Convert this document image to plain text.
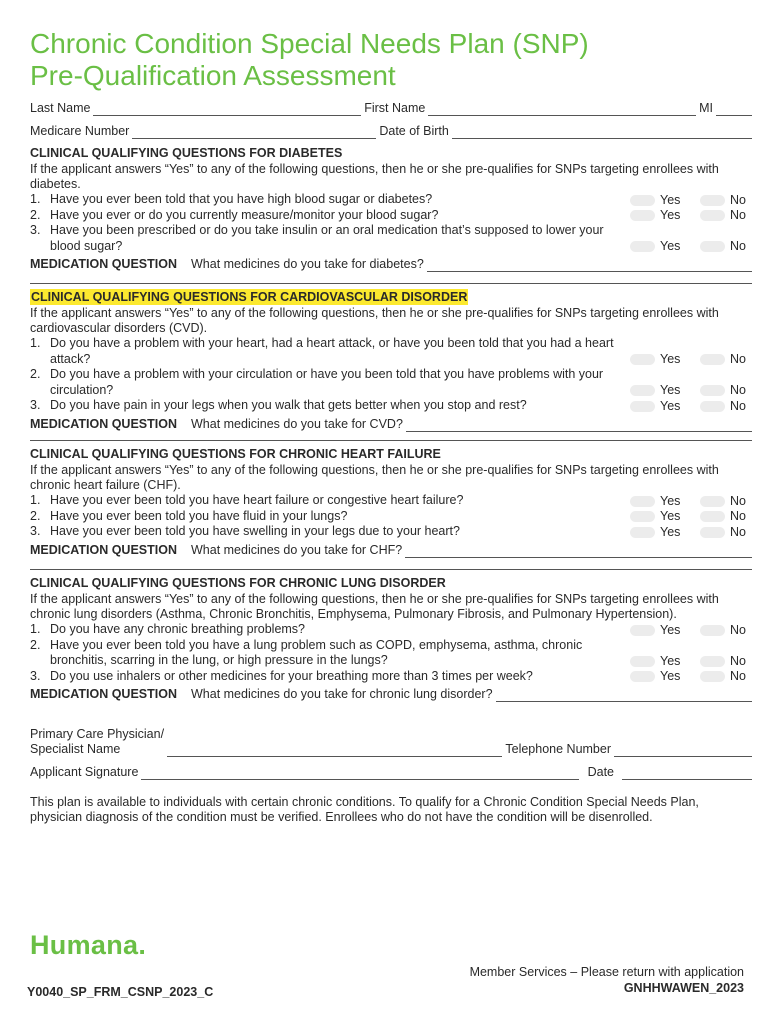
Chronic Condition Special Needs Plan (SNP)
Pre-Qualification Assessment
Last Name	First Name	MI
Medicare Number	Date of Birth
CLINICAL QUALIFYING QUESTIONS FOR DIABETES
If the applicant answers “Yes” to any of the following questions, then he or she pre-qualifies for SNPs targeting enrollees with diabetes.
1. Have you ever been told that you have high blood sugar or diabetes?	Yes	No
2. Have you ever or do you currently measure/monitor your blood sugar?	Yes	No
3. Have you been prescribed or do you take insulin or an oral medication that’s supposed to lower your blood sugar?	Yes	No
MEDICATION QUESTION What medicines do you take for diabetes?
CLINICAL QUALIFYING QUESTIONS FOR CARDIOVASCULAR DISORDER
If the applicant answers “Yes” to any of the following questions, then he or she pre-qualifies for SNPs targeting enrollees with cardiovascular disorders (CVD).
1. Do you have a problem with your heart, had a heart attack, or have you been told that you had a heart attack?	Yes	No
2. Do you have a problem with your circulation or have you been told that you have problems with your circulation?	Yes	No
3. Do you have pain in your legs when you walk that gets better when you stop and rest?	Yes	No
MEDICATION QUESTION What medicines do you take for CVD?
CLINICAL QUALIFYING QUESTIONS FOR CHRONIC HEART FAILURE
If the applicant answers “Yes” to any of the following questions, then he or she pre-qualifies for SNPs targeting enrollees with chronic heart failure (CHF).
1. Have you ever been told you have heart failure or congestive heart failure?	Yes	No
2. Have you ever been told you have fluid in your lungs?	Yes	No
3. Have you ever been told you have swelling in your legs due to your heart?	Yes	No
MEDICATION QUESTION What medicines do you take for CHF?
CLINICAL QUALIFYING QUESTIONS FOR CHRONIC LUNG DISORDER
If the applicant answers “Yes” to any of the following questions, then he or she pre-qualifies for SNPs targeting enrollees with chronic lung disorders (Asthma, Chronic Bronchitis, Emphysema, Pulmonary Fibrosis, and Pulmonary Hypertension).
1. Do you have any chronic breathing problems?	Yes	No
2. Have you ever been told you have a lung problem such as COPD, emphysema, asthma, chronic bronchitis, scarring in the lung, or high pressure in the lungs?	Yes	No
3. Do you use inhalers or other medicines for your breathing more than 3 times per week?	Yes	No
MEDICATION QUESTION What medicines do you take for chronic lung disorder?
Primary Care Physician/
Specialist Name	Telephone Number
Applicant Signature	Date
This plan is available to individuals with certain chronic conditions. To qualify for a Chronic Condition Special Needs Plan, physician diagnosis of the condition must be verified. Enrollees who do not have the condition will be disenrolled.
Humana.
Y0040_SP_FRM_CSNP_2023_C
Member Services – Please return with application
GNHHWAWEN_2023
